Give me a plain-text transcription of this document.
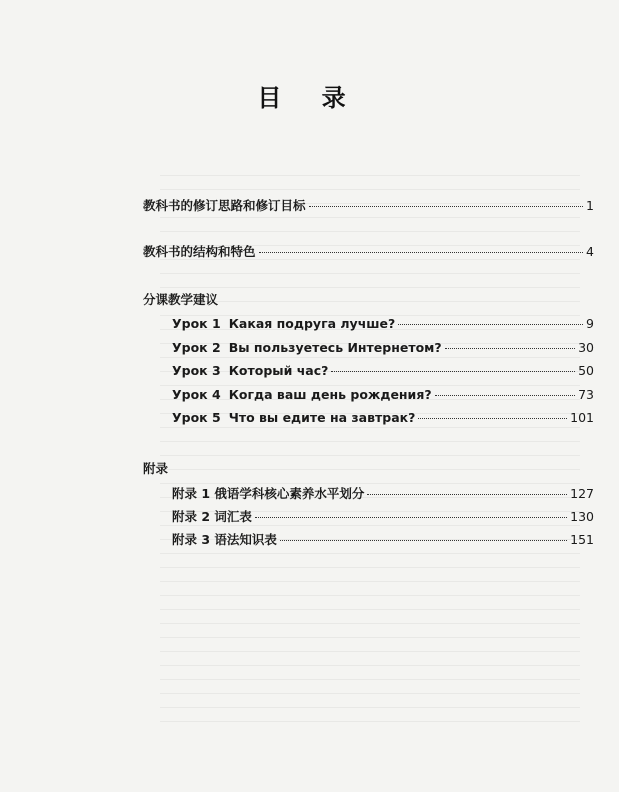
目 录
教科书的修订思路和修订目标	1
教科书的结构和特色	4
分课教学建议
Урок 1 Какая подруга лучше?	9
Урок 2 Вы пользуетесь Интернетом?	30
Урок 3 Который час?	50
Урок 4 Когда ваш день рождения?	73
Урок 5 Что вы едите на завтрак?	101
附录
附录 1 俄语学科核心素养水平划分	127
附录 2 词汇表	130
附录 3 语法知识表	151
